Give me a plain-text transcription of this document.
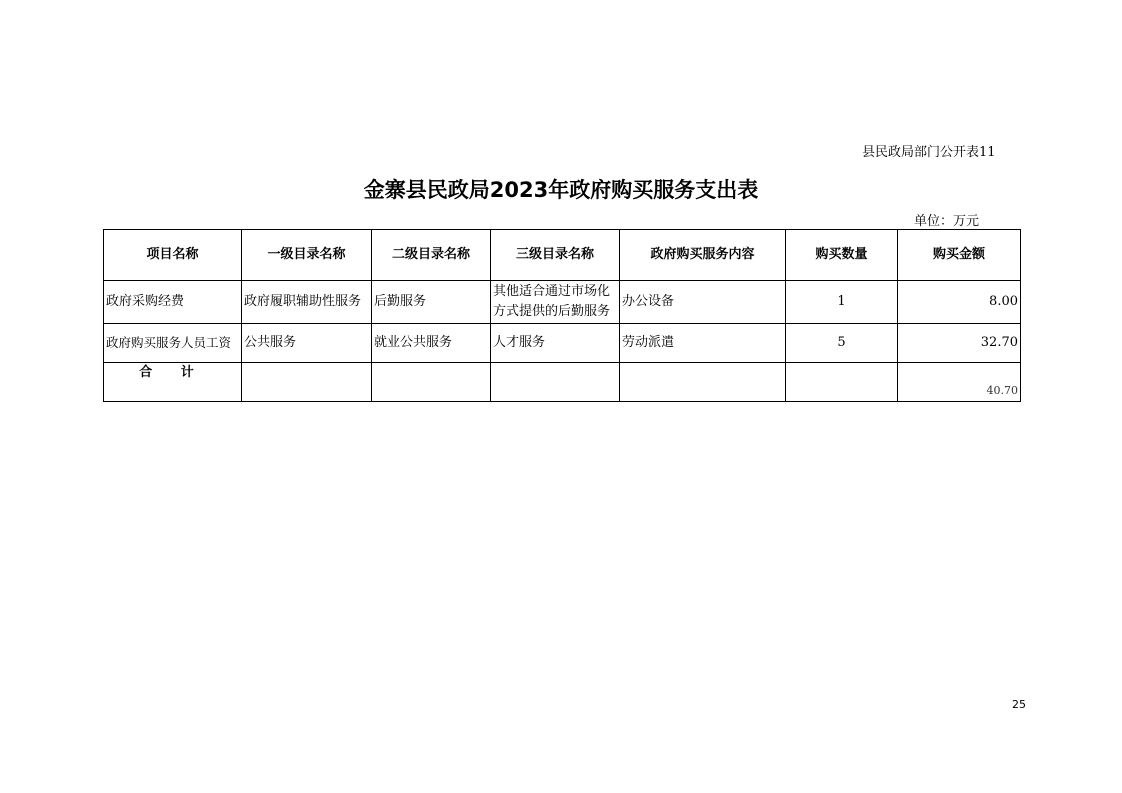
县民政局部门公开表11
金寨县民政局2023年政府购买服务支出表
单位：万元
项目名称	一级目录名称	二级目录名称	三级目录名称	政府购买服务内容	购买数量	购买金额
政府采购经费	政府履职辅助性服务	后勤服务	其他适合通过市场化方式提供的后勤服务	办公设备	1	8.00
政府购买服务人员工资	公共服务	就业公共服务	人才服务	劳动派遣	5	32.70
合 计						40.70
25
